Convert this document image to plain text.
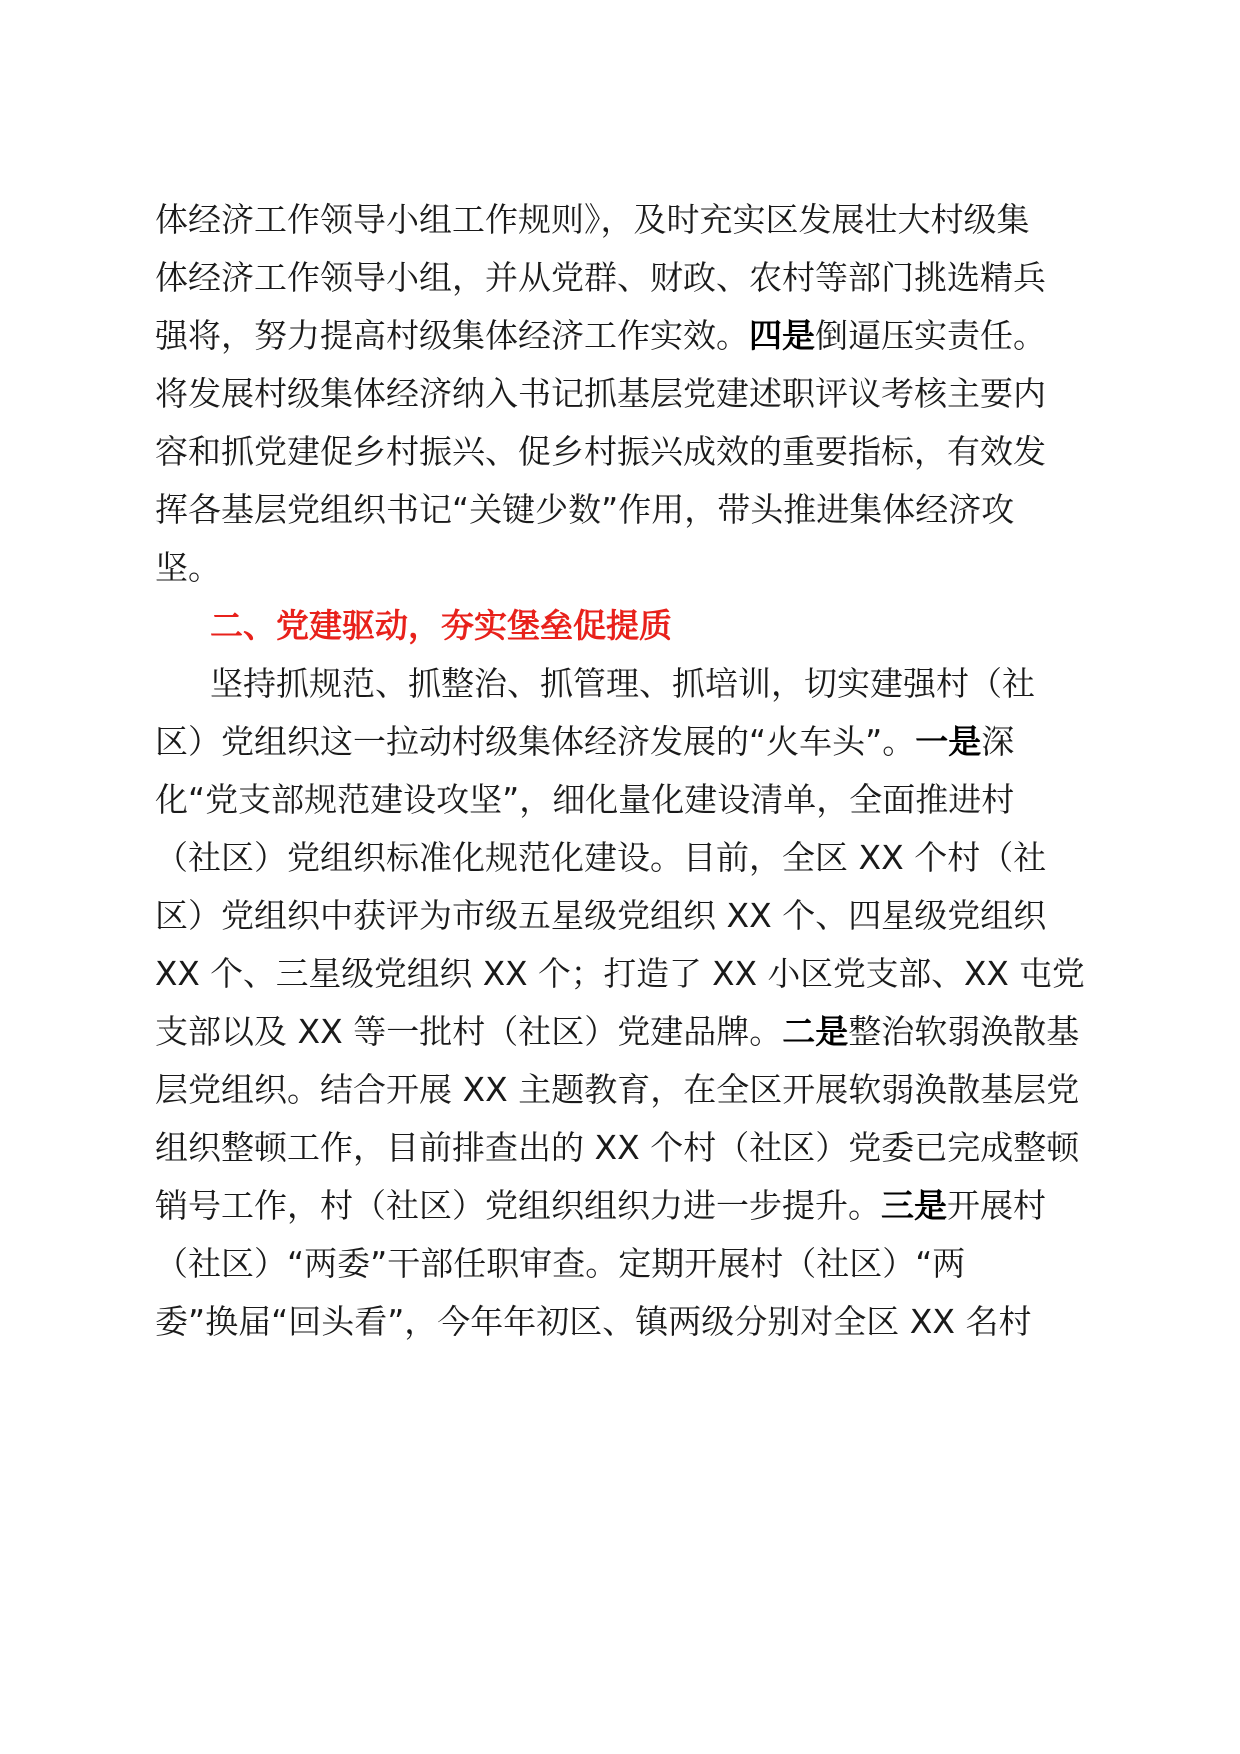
体经济工作领导小组工作规则》，及时充实区发展壮大村级集
体经济工作领导小组，并从党群、财政、农村等部门挑选精兵
强将，努力提高村级集体经济工作实效。四是倒逼压实责任。
将发展村级集体经济纳入书记抓基层党建述职评议考核主要内
容和抓党建促乡村振兴、促乡村振兴成效的重要指标，有效发
挥各基层党组织书记“关键少数”作用，带头推进集体经济攻
坚。
二、党建驱动，夯实堡垒促提质
坚持抓规范、抓整治、抓管理、抓培训，切实建强村（社
区）党组织这一拉动村级集体经济发展的“火车头”。一是深
化“党支部规范建设攻坚”，细化量化建设清单，全面推进村
（社区）党组织标准化规范化建设。目前，全区 XX 个村（社
区）党组织中获评为市级五星级党组织 XX 个、四星级党组织
XX 个、三星级党组织 XX 个；打造了 XX 小区党支部、XX 屯党
支部以及 XX 等一批村（社区）党建品牌。二是整治软弱涣散基
层党组织。结合开展 XX 主题教育，在全区开展软弱涣散基层党
组织整顿工作，目前排查出的 XX 个村（社区）党委已完成整顿
销号工作，村（社区）党组织组织力进一步提升。三是开展村
（社区）“两委”干部任职审查。定期开展村（社区）“两
委”换届“回头看”，今年年初区、镇两级分别对全区 XX 名村
